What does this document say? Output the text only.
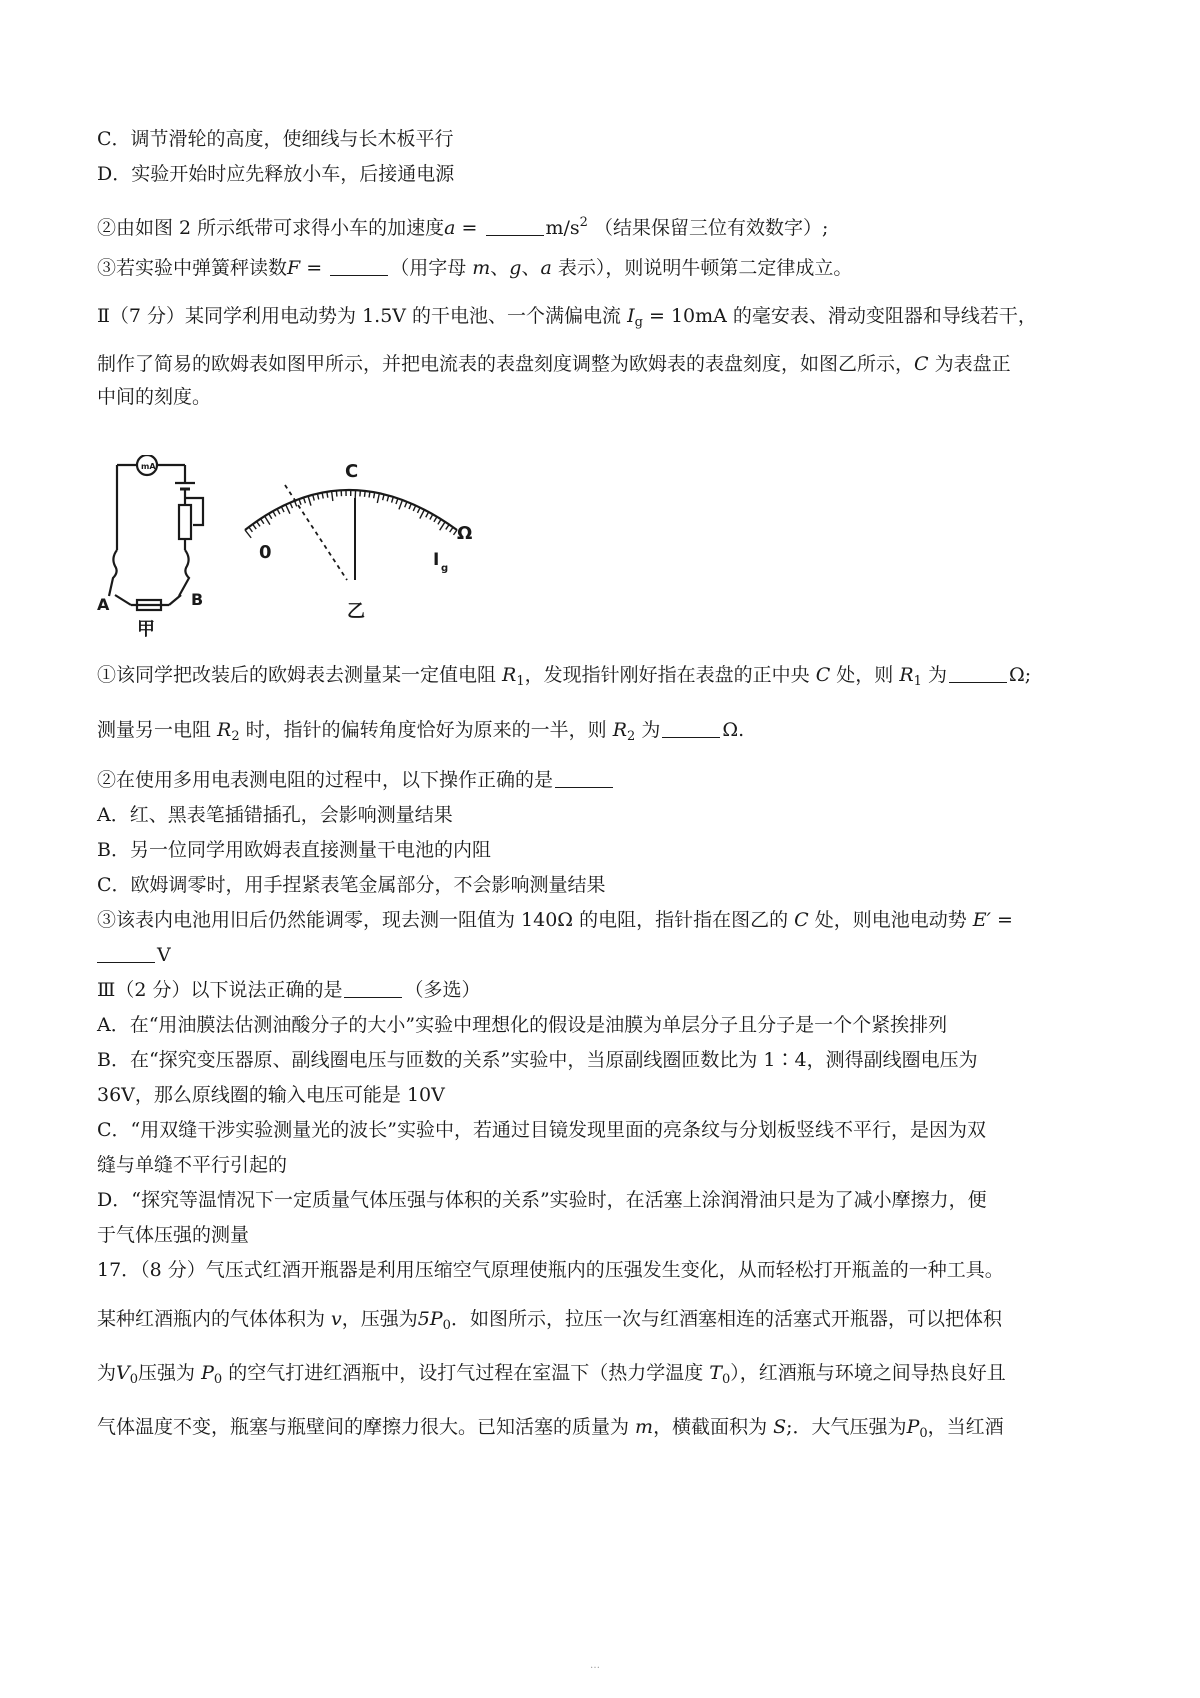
C．调节滑轮的高度，使细线与长木板平行
D．实验开始时应先释放小车，后接通电源
②由如图 2 所示纸带可求得小车的加速度a =	$m/s^2$ （结果保留三位有效数字）;
③若实验中弹簧秤读数F =	（用字母 m、g、a 表示），则说明牛顿第二定律成立。
Ⅱ（7 分）某同学利用电动势为 1.5V 的干电池、一个满偏电流 $I_g = 10mA$ 的毫安表、滑动变阻器和导线若干，
制作了简易的欧姆表如图甲所示，并把电流表的表盘刻度调整为欧姆表的表盘刻度，如图乙所示，C 为表盘正
中间的刻度。
mA
A	B
甲
C
0
Ω
I g
乙
①该同学把改装后的欧姆表去测量某一定值电阻 $R_1$，发现指针刚好指在表盘的正中央 C 处，则 $R_1$ 为	Ω;
测量另一电阻 $R_2$ 时，指针的偏转角度恰好为原来的一半，则 $R_2$ 为	Ω.
②在使用多用电表测电阻的过程中，以下操作正确的是
A．红、黑表笔插错插孔，会影响测量结果
B．另一位同学用欧姆表直接测量干电池的内阻
C．欧姆调零时，用手捏紧表笔金属部分，不会影响测量结果
③该表内电池用旧后仍然能调零，现去测一阻值为 140Ω 的电阻，指针指在图乙的 C 处，则电池电动势 E′ =
V
Ⅲ（2 分）以下说法正确的是	（多选）
A．在“用油膜法估测油酸分子的大小”实验中理想化的假设是油膜为单层分子且分子是一个个紧挨排列
B．在“探究变压器原、副线圈电压与匝数的关系”实验中，当原副线圈匝数比为 1∶4，测得副线圈电压为
36V，那么原线圈的输入电压可能是 10V
C．“用双缝干涉实验测量光的波长”实验中，若通过目镜发现里面的亮条纹与分划板竖线不平行，是因为双
缝与单缝不平行引起的
D．“探究等温情况下一定质量气体压强与体积的关系”实验时，在活塞上涂润滑油只是为了减小摩擦力，便
于气体压强的测量
17．（8 分）气压式红酒开瓶器是利用压缩空气原理使瓶内的压强发生变化，从而轻松打开瓶盖的一种工具。
某种红酒瓶内的气体体积为 v，压强为$5P_0$．如图所示，拉压一次与红酒塞相连的活塞式开瓶器，可以把体积
为$V_0$压强为 $P_0$ 的空气打进红酒瓶中，设打气过程在室温下（热力学温度 $T_0$），红酒瓶与环境之间导热良好且
气体温度不变，瓶塞与瓶壁间的摩擦力很大。已知活塞的质量为 m，横截面积为 S;．大气压强为$P_0$，当红酒
…
